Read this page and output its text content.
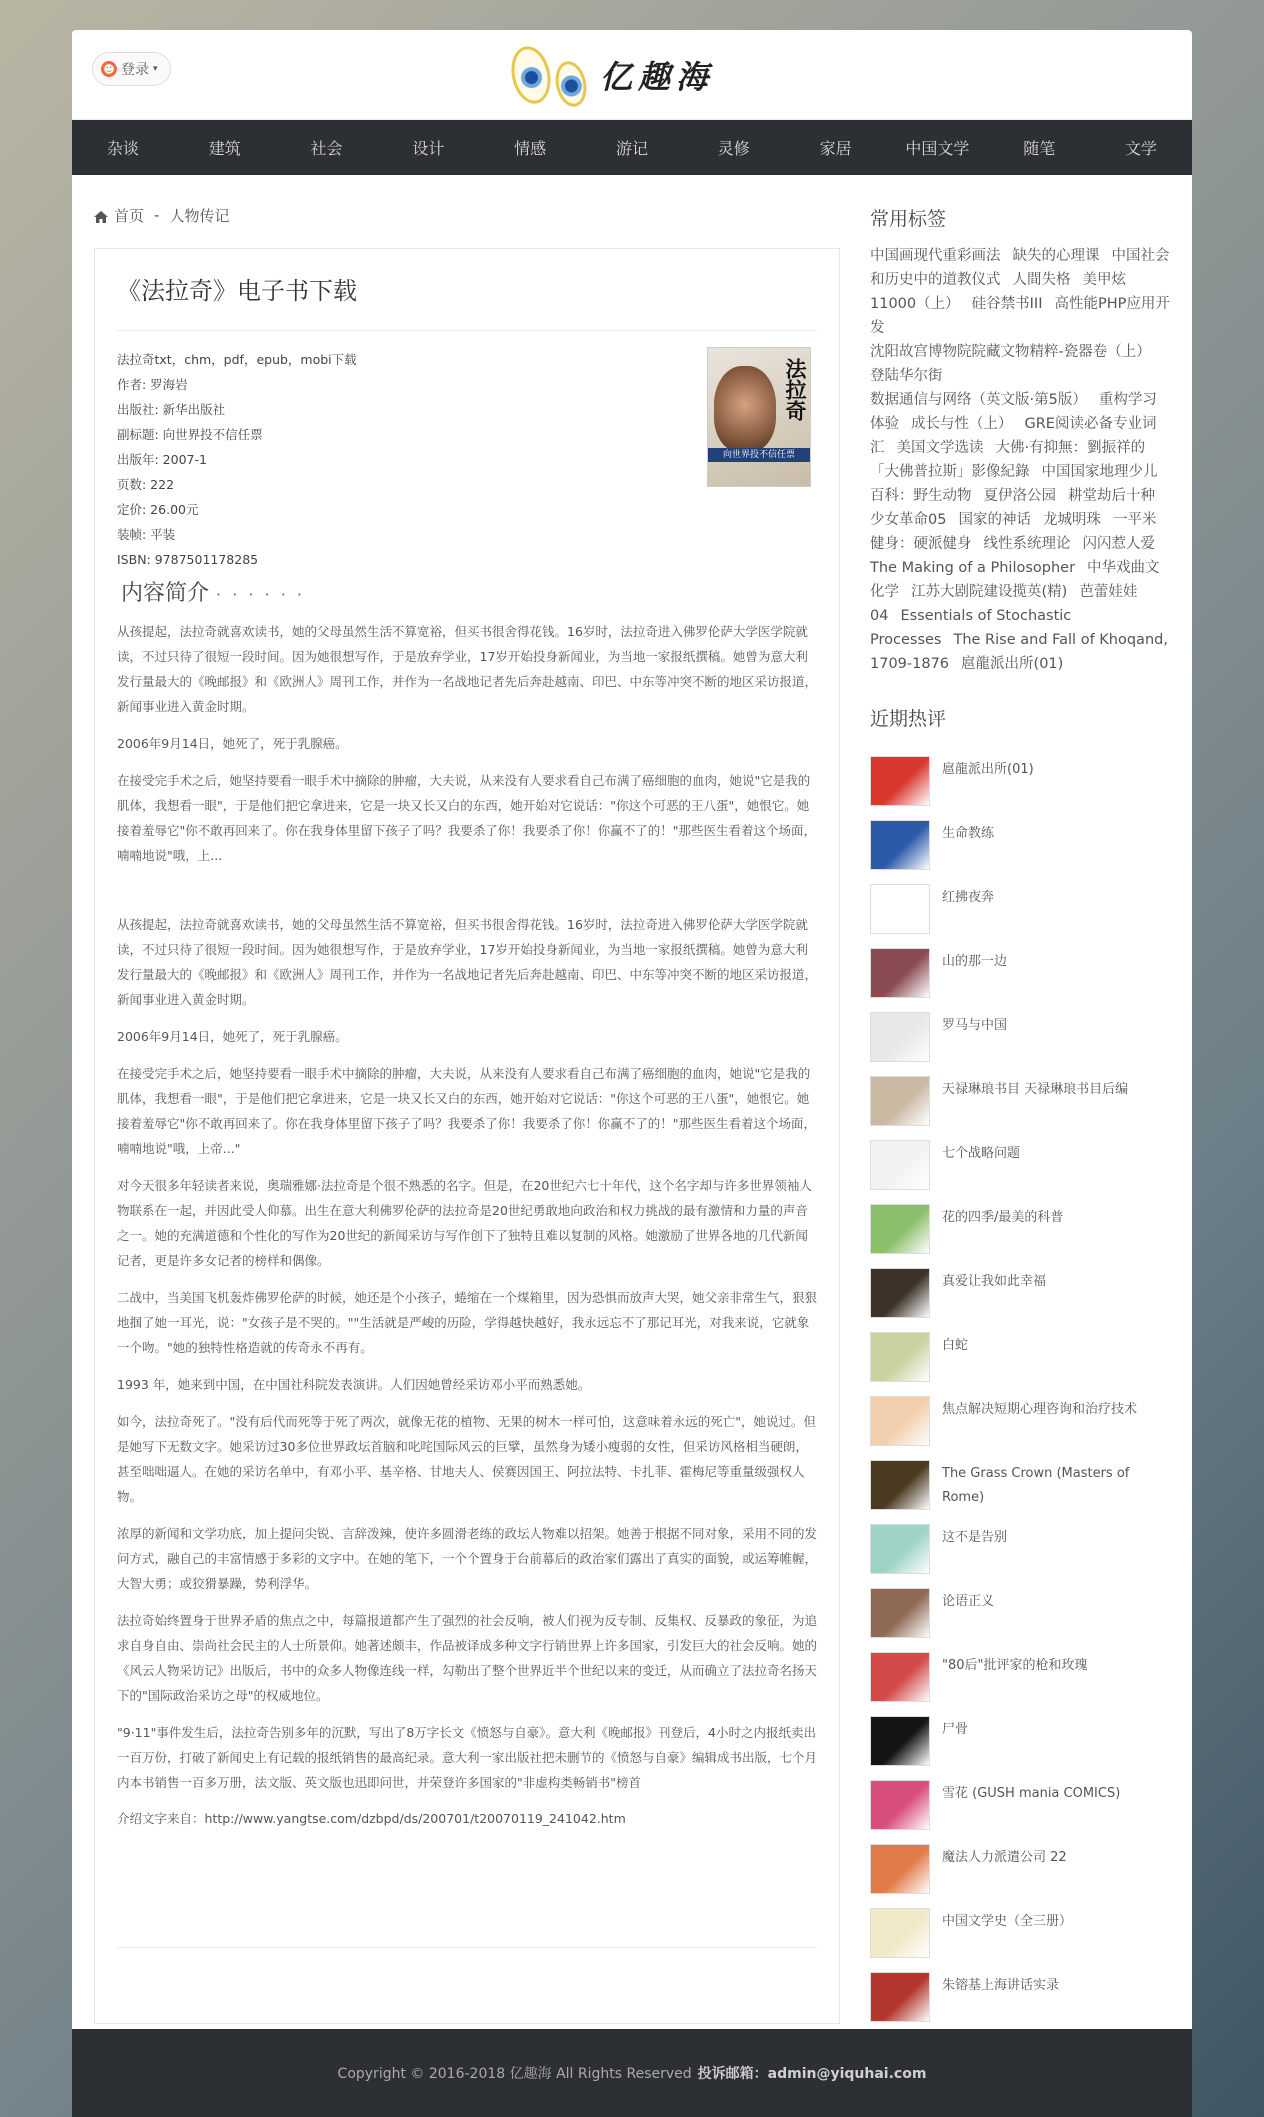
☻ 登录 ▾	亿趣海
杂谈	建筑	社会	设计	情感	游记	灵修	家居	中国文学	随笔	文学
首页 - 人物传记
《法拉奇》电子书下载
法拉奇txt，chm，pdf，epub，mobi下载
作者: 罗海岩
出版社: 新华出版社
副标题: 向世界投不信任票
出版年: 2007-1
页数: 222
定价: 26.00元
装帧: 平装
ISBN: 9787501178285
法拉奇
向世界投不信任票
内容简介 · · · · · ·

从孩提起，法拉奇就喜欢读书，她的父母虽然生活不算宽裕，但买书很舍得花钱。16岁时，法拉奇进入佛罗伦萨大学医学院就读，不过只待了很短一段时间。因为她很想写作，于是放弃学业，17岁开始投身新闻业，为当地一家报纸撰稿。她曾为意大利发行量最大的《晚邮报》和《欧洲人》周刊工作，并作为一名战地记者先后奔赴越南、印巴、中东等冲突不断的地区采访报道，新闻事业进入黄金时期。

2006年9月14日，她死了，死于乳腺癌。

在接受完手术之后，她坚持要看一眼手术中摘除的肿瘤，大夫说，从来没有人要求看自己布满了癌细胞的血肉，她说"它是我的肌体，我想看一眼"，于是他们把它拿进来，它是一块又长又白的东西，她开始对它说话："你这个可恶的王八蛋"，她恨它。她接着羞辱它"你不敢再回来了。你在我身体里留下孩子了吗？我要杀了你！我要杀了你！你赢不了的！"那些医生看着这个场面，喃喃地说"哦，上...

从孩提起，法拉奇就喜欢读书，她的父母虽然生活不算宽裕，但买书很舍得花钱。16岁时，法拉奇进入佛罗伦萨大学医学院就读，不过只待了很短一段时间。因为她很想写作，于是放弃学业，17岁开始投身新闻业，为当地一家报纸撰稿。她曾为意大利发行量最大的《晚邮报》和《欧洲人》周刊工作，并作为一名战地记者先后奔赴越南、印巴、中东等冲突不断的地区采访报道，新闻事业进入黄金时期。

2006年9月14日，她死了，死于乳腺癌。

在接受完手术之后，她坚持要看一眼手术中摘除的肿瘤，大夫说，从来没有人要求看自己布满了癌细胞的血肉，她说"它是我的肌体，我想看一眼"，于是他们把它拿进来，它是一块又长又白的东西，她开始对它说话："你这个可恶的王八蛋"，她恨它。她接着羞辱它"你不敢再回来了。你在我身体里留下孩子了吗？我要杀了你！我要杀了你！你赢不了的！"那些医生看着这个场面，喃喃地说"哦，上帝..."

对今天很多年轻读者来说，奥瑞雅娜·法拉奇是个很不熟悉的名字。但是，在20世纪六七十年代，这个名字却与许多世界领袖人物联系在一起，并因此受人仰慕。出生在意大利佛罗伦萨的法拉奇是20世纪勇敢地向政治和权力挑战的最有激情和力量的声音之一。她的充满道德和个性化的写作为20世纪的新闻采访与写作创下了独特且难以复制的风格。她激励了世界各地的几代新闻记者，更是许多女记者的榜样和偶像。

二战中，当美国飞机轰炸佛罗伦萨的时候，她还是个小孩子，蜷缩在一个煤箱里，因为恐惧而放声大哭，她父亲非常生气，狠狠地掴了她一耳光，说："女孩子是不哭的。""生活就是严峻的历险，学得越快越好，我永远忘不了那记耳光，对我来说，它就象一个吻。"她的独特性格造就的传奇永不再有。

1993 年，她来到中国，在中国社科院发表演讲。人们因她曾经采访邓小平而熟悉她。

如今，法拉奇死了。"没有后代而死等于死了两次，就像无花的植物、无果的树木一样可怕，这意味着永远的死亡"，她说过。但是她写下无数文字。她采访过30多位世界政坛首脑和叱咤国际风云的巨擘，虽然身为矮小瘦弱的女性，但采访风格相当硬朗，甚至咄咄逼人。在她的采访名单中，有邓小平、基辛格、甘地夫人、侯赛因国王、阿拉法特、卡扎菲、霍梅尼等重量级强权人物。

浓厚的新闻和文学功底，加上提问尖锐、言辞泼辣，使许多圆滑老练的政坛人物难以招架。她善于根据不同对象，采用不同的发问方式，融自己的丰富情感于多彩的文字中。在她的笔下，一个个置身于台前幕后的政治家们露出了真实的面貌，或运筹帷幄，大智大勇；或狡猾暴躁，势利浮华。

法拉奇始终置身于世界矛盾的焦点之中，每篇报道都产生了强烈的社会反响，被人们视为反专制、反集权、反暴政的象征，为追求自身自由、崇尚社会民主的人士所景仰。她著述颇丰，作品被译成多种文字行销世界上许多国家，引发巨大的社会反响。她的《风云人物采访记》出版后，书中的众多人物像连线一样，勾勒出了整个世界近半个世纪以来的变迁，从而确立了法拉奇名扬天下的"国际政治采访之母"的权威地位。

"9·11"事件发生后，法拉奇告别多年的沉默，写出了8万字长文《愤怒与自豪》。意大利《晚邮报》刊登后，4小时之内报纸卖出一百万份，打破了新闻史上有记载的报纸销售的最高纪录。意大利一家出版社把未删节的《愤怒与自豪》编辑成书出版，七个月内本书销售一百多万册，法文版、英文版也迅即问世，并荣登许多国家的"非虚构类畅销书"榜首

介绍文字来自：http://www.yangtse.com/dzbpd/ds/200701/t20070119_241042.htm
常用标签
中国画现代重彩画法 缺失的心理课 中国社会和历史中的道教仪式 人間失格 美甲炫11000（上） 硅谷禁书III 高性能PHP应用开发沈阳故宫博物院院藏文物精粹-瓷器卷（上）登陆华尔街数据通信与网络（英文版·第5版） 重构学习体验 成长与性（上） GRE阅读必备专业词汇 美国文学选读 大佛·有抑無：劉振祥的「大佛普拉斯」影像紀錄 中国国家地理少儿百科：野生动物 夏伊洛公园 耕堂劫后十种少女革命05 国家的神话 龙城明珠 一平米健身：硬派健身 线性系统理论 闪闪惹人爱The Making of a Philosopher 中华戏曲文化学 江苏大剧院建设揽英(精) 芭蕾娃娃 04 Essentials of Stochastic Processes The Rise and Fall of Khoqand, 1709-1876 扈龍派出所(01)
近期热评
扈龍派出所(01)
生命教练
红拂夜奔
山的那一边
罗马与中国
天禄琳琅书目 天禄琳琅书目后编
七个战略问题
花的四季/最美的科普
真爱让我如此幸福
白蛇
焦点解决短期心理咨询和治疗技术
The Grass Crown (Masters of Rome)
这不是告别
论语正义
"80后"批评家的枪和玫瑰
尸骨
雪花 (GUSH mania COMICS)
魔法人力派遣公司 22
中国文学史（全三册）
朱镕基上海讲话实录
Copyright © 2016-2018 亿趣海 All Rights Reserved 投诉邮箱：admin@yiquhai.com
